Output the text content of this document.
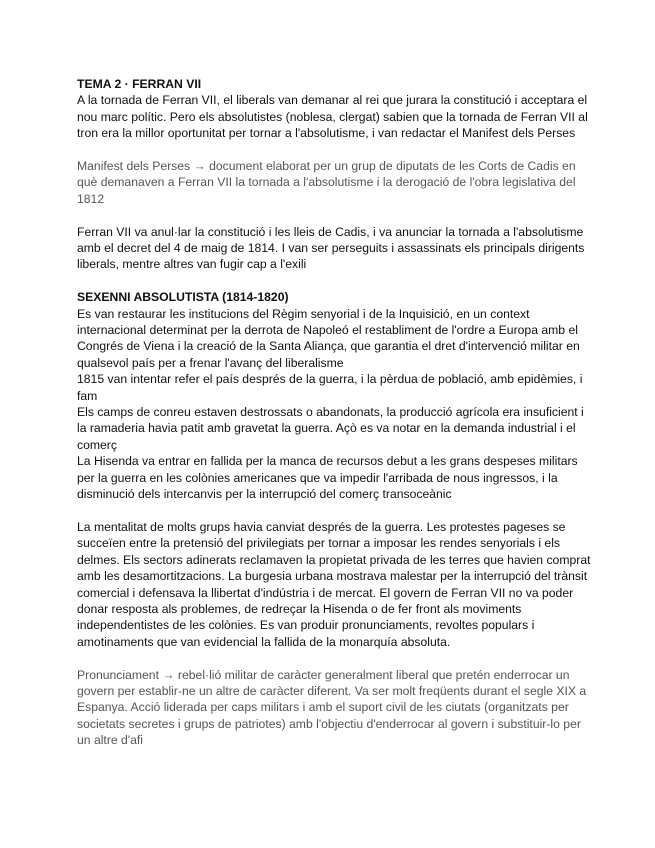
TEMA 2 · FERRAN VII
A la tornada de Ferran VII, el liberals van demanar al rei que jurara la constitució i acceptara el
nou marc polític. Pero els absolutistes (noblesa, clergat) sabien que la tornada de Ferran VII al
tron era la millor oportunitat per tornar a l'absolutisme, i van redactar el Manifest dels Perses
Manifest dels Perses → document elaborat per un grup de diputats de les Corts de Cadis en
què demanaven a Ferran VII la tornada a l'absolutisme i la derogació de l'obra legislativa del
1812
Ferran VII va anul·lar la constitució i les lleis de Cadis, i va anunciar la tornada a l'absolutisme
amb el decret del 4 de maig de 1814. I van ser perseguits i assassinats els principals dirigents
liberals, mentre altres van fugir cap a l'exili
SEXENNI ABSOLUTISTA (1814-1820)
Es van restaurar les institucions del Règim senyorial i de la Inquisició, en un context
internacional determinat per la derrota de Napoleó el restabliment de l'ordre a Europa amb el
Congrés de Viena i la creació de la Santa Aliança, que garantia el dret d'intervenció militar en
qualsevol país per a frenar l'avanç del liberalisme
1815 van intentar refer el país després de la guerra, i la pèrdua de població, amb epidèmies, i
fam
Els camps de conreu estaven destrossats o abandonats, la producció agrícola era insuficient i
la ramaderia havia patit amb gravetat la guerra. Açò es va notar en la demanda industrial i el
comerç
La Hisenda va entrar en fallida per la manca de recursos debut a les grans despeses militars
per la guerra en les colònies americanes que va impedir l'arribada de nous ingressos, i la
disminució dels intercanvis per la interrupció del comerç transoceànic
La mentalitat de molts grups havia canviat després de la guerra. Les protestes pageses se
succeïen entre la pretensió del privilegiats per tornar a imposar les rendes senyorials i els
delmes. Els sectors adinerats reclamaven la propietat privada de les terres que havien comprat
amb les desamortitzacions. La burgesia urbana mostrava malestar per la interrupció del trànsit
comercial i defensava la llibertat d'indústria i de mercat. El govern de Ferran VII no va poder
donar resposta als problemes, de redreçar la Hisenda o de fer front als moviments
independentistes de les colònies. Es van produir pronunciaments, revoltes populars i
amotinaments que van evidencial la fallida de la monarquía absoluta.
Pronunciament → rebel·lió militar de caràcter generalment liberal que pretén enderrocar un
govern per establir-ne un altre de caràcter diferent. Va ser molt freqüents durant el segle XIX a
Espanya. Acció liderada per caps militars i amb el suport civil de les ciutats (organitzats per
societats secretes i grups de patriotes) amb l'objectiu d'enderrocar al govern i substituir-lo per
un altre d'afi
